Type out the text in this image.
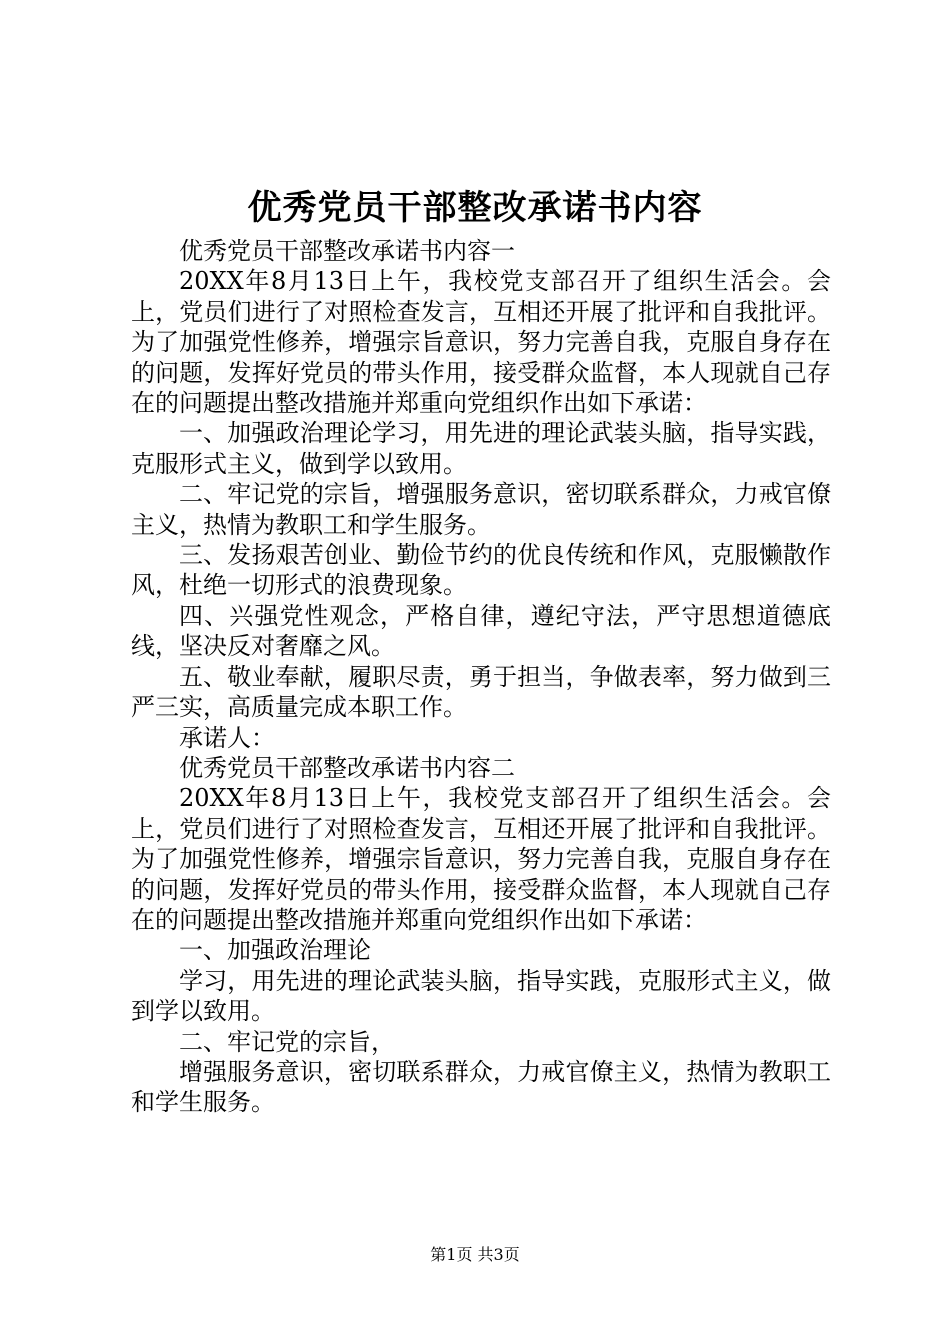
优秀党员干部整改承诺书内容

优秀党员干部整改承诺书内容一

20XX年8月13日上午，我校党支部召开了组织生活会。会上，党员们进行了对照检查发言，互相还开展了批评和自我批评。为了加强党性修养，增强宗旨意识，努力完善自我，克服自身存在的问题，发挥好党员的带头作用，接受群众监督，本人现就自己存在的问题提出整改措施并郑重向党组织作出如下承诺：

一、加强政治理论学习，用先进的理论武装头脑，指导实践，克服形式主义，做到学以致用。

二、牢记党的宗旨，增强服务意识，密切联系群众，力戒官僚主义，热情为教职工和学生服务。

三、发扬艰苦创业、勤俭节约的优良传统和作风，克服懒散作风，杜绝一切形式的浪费现象。

四、兴强党性观念，严格自律，遵纪守法，严守思想道德底线，坚决反对奢靡之风。

五、敬业奉献，履职尽责，勇于担当，争做表率，努力做到三严三实，高质量完成本职工作。

承诺人：

优秀党员干部整改承诺书内容二

20XX年8月13日上午，我校党支部召开了组织生活会。会上，党员们进行了对照检查发言，互相还开展了批评和自我批评。为了加强党性修养，增强宗旨意识，努力完善自我，克服自身存在的问题，发挥好党员的带头作用，接受群众监督，本人现就自己存在的问题提出整改措施并郑重向党组织作出如下承诺：

一、加强政治理论

学习，用先进的理论武装头脑，指导实践，克服形式主义，做到学以致用。

二、牢记党的宗旨，

增强服务意识，密切联系群众，力戒官僚主义，热情为教职工和学生服务。

第1页 共3页
